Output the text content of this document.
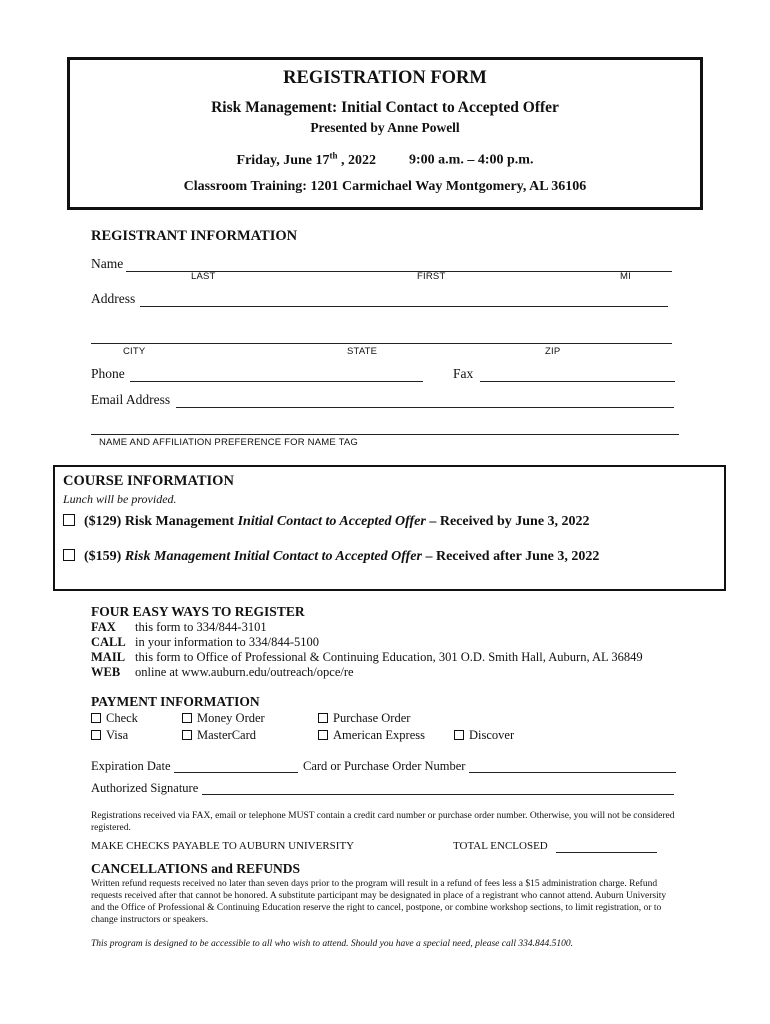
REGISTRATION FORM
Risk Management: Initial Contact to Accepted Offer
Presented by Anne Powell
Friday, June 17th , 2022 9:00 a.m. – 4:00 p.m.
Classroom Training: 1201 Carmichael Way Montgomery, AL 36106
REGISTRANT INFORMATION
Name
LAST	FIRST	MI
Address
CITY	STATE	ZIP
Phone	Fax
Email Address
NAME AND AFFILIATION PREFERENCE FOR NAME TAG
COURSE INFORMATION
Lunch will be provided.
($129) Risk Management Initial Contact to Accepted Offer – Received by June 3, 2022
($159) Risk Management Initial Contact to Accepted Offer – Received after June 3, 2022
FOUR EASY WAYS TO REGISTER
FAX this form to 334/844-3101
CALL in your information to 334/844-5100
MAIL this form to Office of Professional & Continuing Education, 301 O.D. Smith Hall, Auburn, AL 36849
WEB online at www.auburn.edu/outreach/opce/re
PAYMENT INFORMATION
Check	Money Order	Purchase Order
Visa	MasterCard	American Express	Discover
Expiration Date	Card or Purchase Order Number
Authorized Signature
Registrations received via FAX, email or telephone MUST contain a credit card number or purchase order number. Otherwise, you will not be considered registered.
MAKE CHECKS PAYABLE TO AUBURN UNIVERSITY	TOTAL ENCLOSED
CANCELLATIONS and REFUNDS
Written refund requests received no later than seven days prior to the program will result in a refund of fees less a $15 administration charge. Refund requests received after that cannot be honored. A substitute participant may be designated in place of a registrant who cannot attend. Auburn University and the Office of Professional & Continuing Education reserve the right to cancel, postpone, or combine workshop sections, to limit registration, or to change instructors or speakers.
This program is designed to be accessible to all who wish to attend. Should you have a special need, please call 334.844.5100.
